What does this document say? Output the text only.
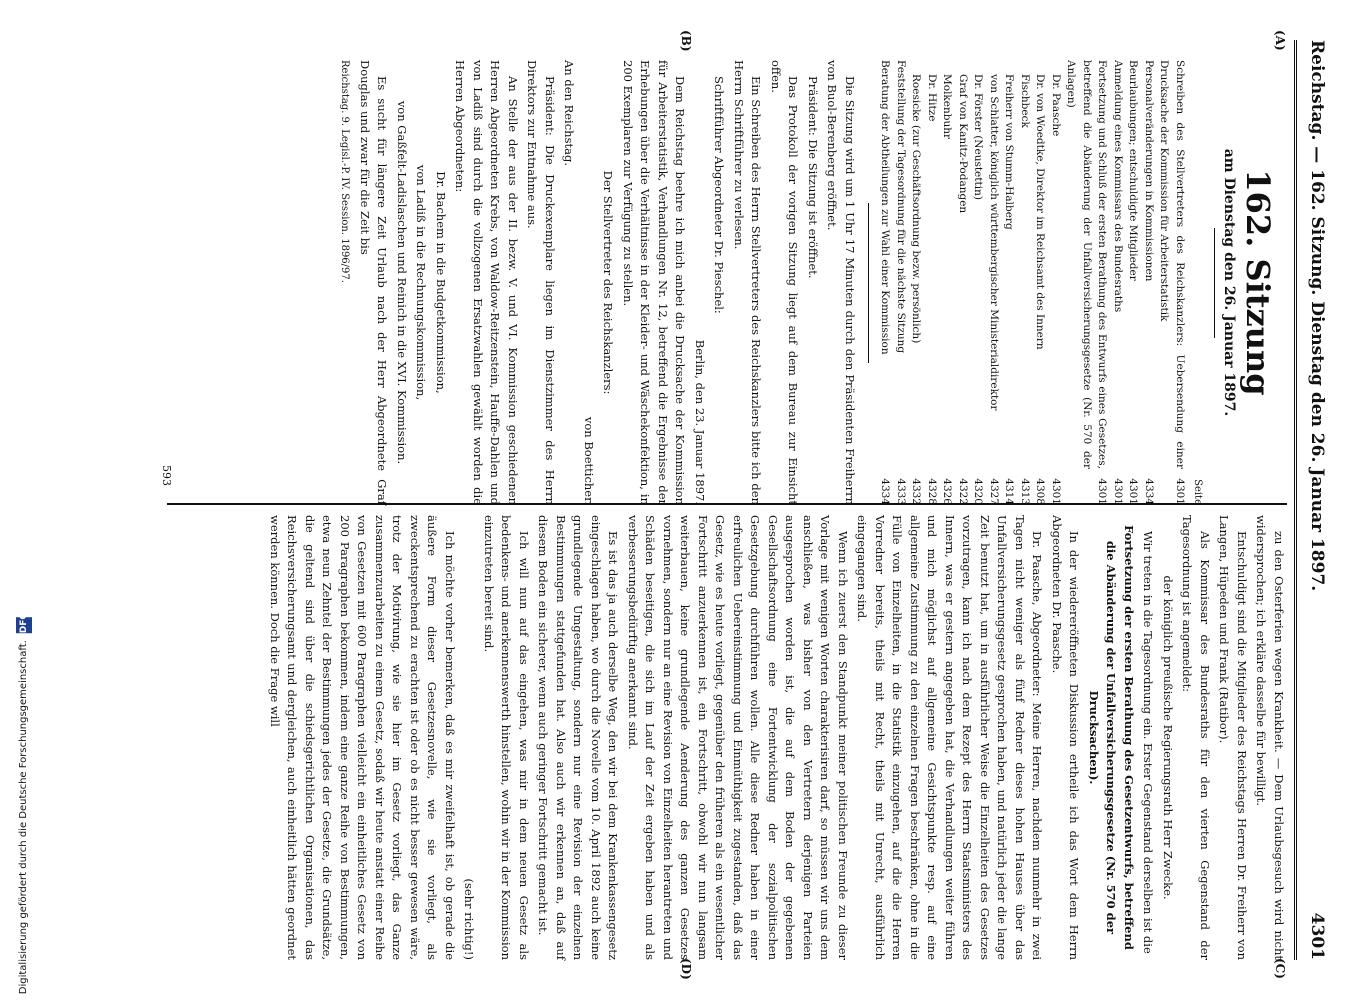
Reichstag. — 162. Sitzung. Dienstag den 26. Januar 1897.
4301
(A)
(B)
(C)
(D)
162. Sitzung
am Dienstag den 26. Januar 1897.
Seite
Schreiben des Stellvertreters des Reichskanzlers: Uebersendung einer Drucksache der Kommission für Arbeiterstatistik
4301
Personalveränderungen in Kommissionen
4334
Beurlaubungen; entschuldigte Mitglieder
4301
Anmeldung eines Kommissars des Bundesraths
4301
Fortsetzung und Schluß der ersten Berathung des Entwurfs eines Gesetzes, betreffend die Abänderung der Unfallversicherungsgesetze (Nr. 570 der Anlagen)
4301
Dr. Paasche
4301
Dr. von Woedtke, Direktor im Reichsamt des Innern
4308
Fischbeck
4313
Freiherr von Stumm-Halberg
4314
von Schlatter, königlich württembergischer Ministerialdirektor
4327
Dr. Förster (Neustettin)
4320
Graf von Kanitz-Podangen
4322
Molkenbuhr
4326
Dr. Hitze
4328
Roesicke (zur Geschäftsordnung bezw. persönlich)
4332
Feststellung der Tagesordnung für die nächste Sitzung
4333
Beratung der Abtheilungen zur Wahl einer Kommission
4334

Die Sitzung wird um 1 Uhr 17 Minuten durch den Präsidenten Freiherrn von Buol-Berenberg eröffnet.

Präsident: Die Sitzung ist eröffnet.

Das Protokoll der vorigen Sitzung liegt auf dem Bureau zur Einsicht offen.

Ein Schreiben des Herrn Stellvertreters des Reichskanzlers bitte ich den Herrn Schriftführer zu verlesen.

Schriftführer Abgeordneter Dr. Pieschel:

Berlin, den 23. Januar 1897.

Dem Reichstag beehre ich mich anbei die Drucksache der Kommission für Arbeiterstatistik, Verhandlungen Nr. 12, betreffend die Ergebnisse der Erhebungen über die Verhältnisse in der Kleider- und Wäschekonfektion, in 200 Exemplaren zur Verfügung zu stellen.

Der Stellvertreter des Reichskanzlers:

von Boetticher.

An den Reichstag.

Präsident: Die Druckexemplare liegen im Dienstzimmer des Herrn Direktors zur Entnahme aus.

An Stelle der aus der II. bezw. V. und VI. Kommission geschiedenen Herren Abgeordneten Krebs, von Waldow-Reitzenstein, Hauffe-Dahlen und von Ladiß sind durch die vollzogenen Ersatzwahlen gewählt worden die Herren Abgeordneten:

Dr. Bachem in die Budgetkommission,

von Ladiß in die Rechnungskommission,

von Gaßfelt-Ladislaschen und Reinich in die XVI. Kommission.

Es sucht für längere Zeit Urlaub nach der Herr Abgeordnete Graf Douglas und zwar für die Zeit bis

Reichstag. 9. Legisl.-P. IV. Session. 1896/97.

zu den Osterferien wegen Krankheit. — Dem Urlaubsgesuch wird nicht widersprochen; ich erkläre dasselbe für bewilligt.

Entschuldigt sind die Mitglieder des Reichstags Herren Dr. Freiherr von Langen, Hüpeden und Frank (Ratibor).

Als Kommissar des Bundesraths für den vierten Gegenstand der Tagesordnung ist angemeldet:

der königlich preußische Regierungsrath Herr Zwecke.

Wir treten in die Tagesordnung ein. Erster Gegenstand derselben ist die

Fortsetzung der ersten Berathung des Gesetzentwurfs, betreffend die Abänderung der Unfallversicherungsgesetze (Nr. 570 der Drucksachen).

In der wiedereröffneten Diskussion ertheile ich das Wort dem Herrn Abgeordneten Dr. Paasche.

Dr. Paasche, Abgeordneter: Meine Herren, nachdem nunmehr in zwei Tagen nicht weniger als fünf Redner dieses hohen Hauses über das Unfallversicherungsgesetz gesprochen haben, und natürlich jeder die lange Zeit benutzt hat, um in ausführlicher Weise die Einzelheiten des Gesetzes vorzutragen, kann ich nach dem Rezept des Herrn Staatsministers des Innern, was er gestern angegeben hat, die Verhandlungen weiter führen und mich möglichst auf allgemeine Gesichtspunkte resp. auf eine allgemeine Zustimmung zu den einzelnen Fragen beschränken, ohne in die Fülle von Einzelheiten, in die Statistik einzugehen, auf die die Herren Vorredner bereits, theils mit Recht, theils mit Unrecht, ausführlich eingegangen sind.

Wenn ich zuerst den Standpunkt meiner politischen Freunde zu dieser Vorlage mit wenigen Worten charakterisiren darf, so müssen wir uns dem anschließen, was bisher von den Vertretern derjenigen Parteien ausgesprochen worden ist, die auf dem Boden der gegebenen Gesellschaftsordnung eine Fortentwicklung der sozialpolitischen Gesetzgebung durchführen wollen. Alle diese Redner haben in einer erfreulichen Uebereinstimmung und Einmüthigkeit zugestanden, daß das Gesetz, wie es heute vorliegt, gegenüber den früheren als ein wesentlicher Fortschritt anzuerkennen ist, ein Fortschritt, obwohl wir nun langsam weiterbauen, keine grundlegende Aenderung des ganzen Gesetzes vornehmen, sondern nur an eine Revision von Einzelheiten herantreten und Schäden beseitigen, die sich im Lauf der Zeit ergeben haben und als verbesserungsbedürftig anerkannt sind.

Es ist das ja auch derselbe Weg, den wir bei dem Krankenkassengesetz eingeschlagen haben, wo durch die Novelle vom 10. April 1892 auch keine grundlegende Umgestaltung, sondern nur eine Revision der einzelnen Bestimmungen stattgefunden hat. Also auch wir erkennen an, daß auf diesem Boden ein sicherer, wenn auch geringer Fortschritt gemacht ist.

Ich will nun auf das eingehen, was mir in dem neuen Gesetz als bedenkens- und anerkennenswerth hinstellen, wohin wir in der Kommission einzutreten bereit sind.

(sehr richtig!)

Ich möchte vorher bemerken, daß es mir zweifelhaft ist, ob gerade die äußere Form dieser Gesetzesnovelle, wie sie vorliegt, als zweckentsprechend zu erachten ist oder ob es nicht besser gewesen wäre, trotz der Motivirung, wie sie hier im Gesetz vorliegt, das Ganze zusammenzuarbeiten zu einem Gesetz, sodaß wir heute anstatt einer Reihe von Gesetzen mit 600 Paragraphen vielleicht ein einheitliches Gesetz von 200 Paragraphen bekommen, indem eine ganze Reihe von Bestimmungen, etwa neun Zehntel der Bestimmungen jedes der Gesetze, die Grundsätze, die geltend sind über die schiedsgerichtlichen Organisationen, das Reichsversicherungsamt und dergleichen, auch einheitlich hätten geordnet werden können. Doch die Frage will

593
Digitalisierung gefördert durch die Deutsche Forschungsgemeinschaft. DFG
